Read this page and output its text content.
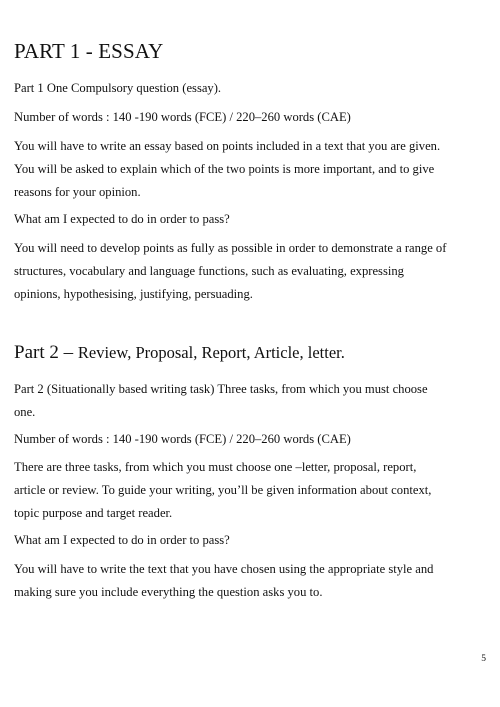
PART 1 - ESSAY

Part 1 One Compulsory question (essay).

Number of words : 140 -190 words (FCE) / 220–260 words (CAE)

You will have to write an essay based on points included in a text that you are given.
You will be asked to explain which of the two points is more important, and to give
reasons for your opinion.

What am I expected to do in order to pass?

You will need to develop points as fully as possible in order to demonstrate a range of
structures, vocabulary and language functions, such as evaluating, expressing
opinions, hypothesising, justifying, persuading.

Part 2 – Review, Proposal, Report, Article, letter.

Part 2 (Situationally based writing task) Three tasks, from which you must choose
one.

Number of words : 140 -190 words (FCE) / 220–260 words (CAE)

There are three tasks, from which you must choose one –letter, proposal, report,
article or review. To guide your writing, you’ll be given information about context,
topic purpose and target reader.

What am I expected to do in order to pass?

You will have to write the text that you have chosen using the appropriate style and
making sure you include everything the question asks you to.

5
